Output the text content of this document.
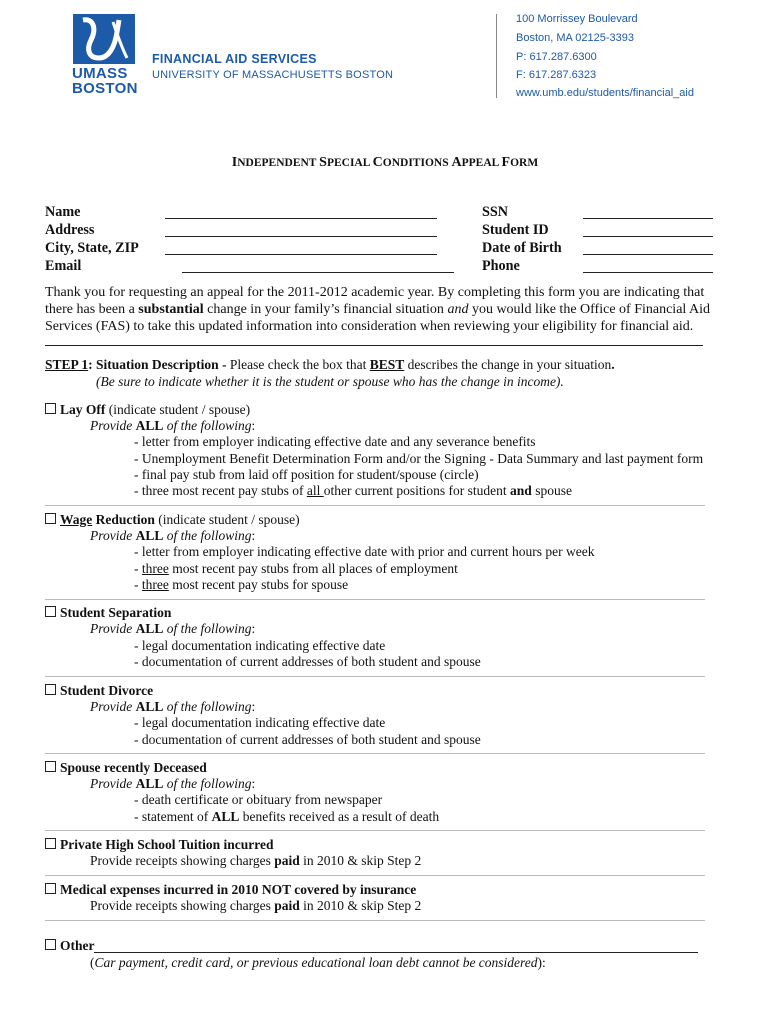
UMASS
BOSTON
FINANCIAL AID SERVICES
UNIVERSITY OF MASSACHUSETTS BOSTON
100 Morrissey Boulevard
Boston, MA 02125-3393
P: 617.287.6300
F: 617.287.6323
www.umb.edu/students/financial_aid
INDEPENDENT SPECIAL CONDITIONS APPEAL FORM
Name
Address
City, State, ZIP
Email
SSN
Student ID
Date of Birth
Phone
Thank you for requesting an appeal for the 2011-2012 academic year. By completing this form you are indicating that there has been a substantial change in your family’s financial situation and you would like the Office of Financial Aid Services (FAS) to take this updated information into consideration when reviewing your eligibility for financial aid.
STEP 1: Situation Description - Please check the box that BEST describes the change in your situation.
(Be sure to indicate whether it is the student or spouse who has the change in income).
Lay Off (indicate student / spouse)
Provide ALL of the following:
- letter from employer indicating effective date and any severance benefits
- Unemployment Benefit Determination Form and/or the Signing - Data Summary and last payment form
- final pay stub from laid off position for student/spouse (circle)
- three most recent pay stubs of all other current positions for student and spouse
Wage Reduction (indicate student / spouse)
Provide ALL of the following:
- letter from employer indicating effective date with prior and current hours per week
- three most recent pay stubs from all places of employment
- three most recent pay stubs for spouse
Student Separation
Provide ALL of the following:
- legal documentation indicating effective date
- documentation of current addresses of both student and spouse
Student Divorce
Provide ALL of the following:
- legal documentation indicating effective date
- documentation of current addresses of both student and spouse
Spouse recently Deceased
Provide ALL of the following:
- death certificate or obituary from newspaper
- statement of ALL benefits received as a result of death
Private High School Tuition incurred
Provide receipts showing charges paid in 2010 & skip Step 2
Medical expenses incurred in 2010 NOT covered by insurance
Provide receipts showing charges paid in 2010 & skip Step 2
Other
(Car payment, credit card, or previous educational loan debt cannot be considered):
